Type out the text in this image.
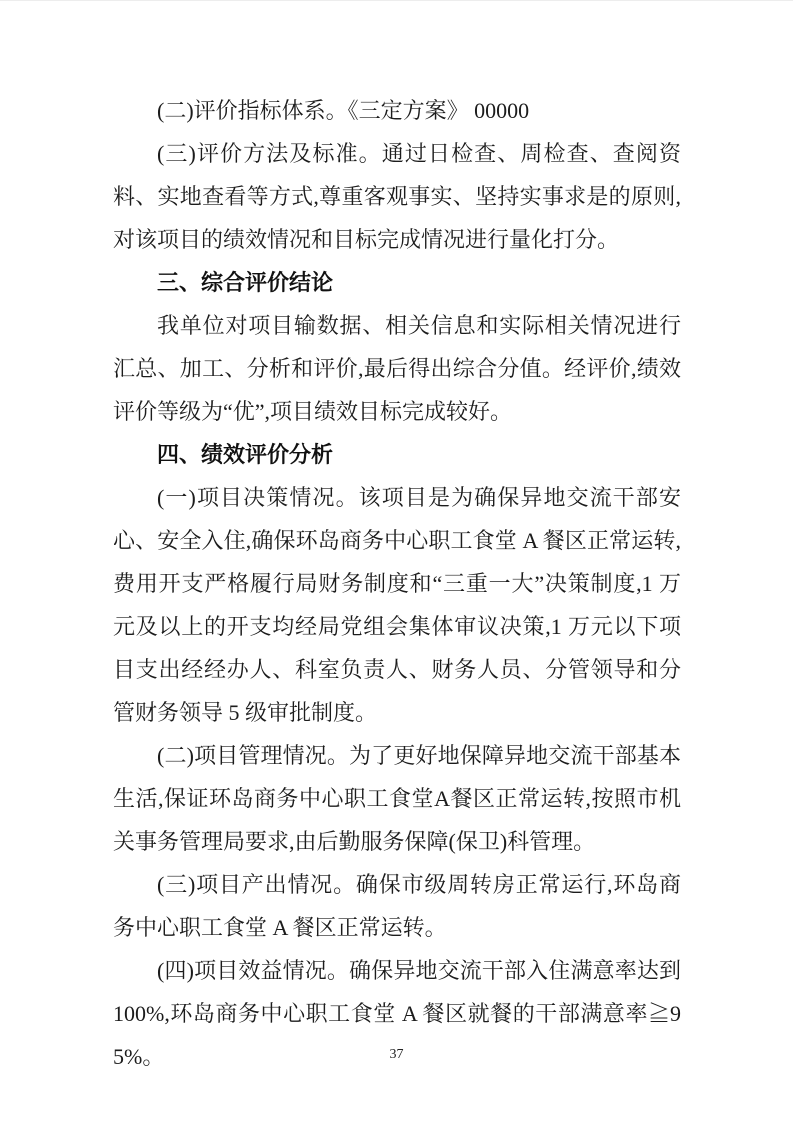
(二)评价指标体系。《三定方案》 00000

(三)评价方法及标准。通过日检查、周检查、查阅资料、实地查看等方式,尊重客观事实、坚持实事求是的原则,对该项目的绩效情况和目标完成情况进行量化打分。

三、综合评价结论

我单位对项目输数据、相关信息和实际相关情况进行汇总、加工、分析和评价,最后得出综合分值。经评价,绩效评价等级为“优”,项目绩效目标完成较好。

四、绩效评价分析

(一)项目决策情况。该项目是为确保异地交流干部安心、安全入住,确保环岛商务中心职工食堂 A 餐区正常运转,费用开支严格履行局财务制度和“三重一大”决策制度,1 万元及以上的开支均经局党组会集体审议决策,1 万元以下项目支出经经办人、科室负责人、财务人员、分管领导和分管财务领导 5 级审批制度。

(二)项目管理情况。为了更好地保障异地交流干部基本生活,保证环岛商务中心职工食堂A餐区正常运转,按照市机关事务管理局要求,由后勤服务保障(保卫)科管理。

(三)项目产出情况。确保市级周转房正常运行,环岛商务中心职工食堂 A 餐区正常运转。

(四)项目效益情况。确保异地交流干部入住满意率达到 100%,环岛商务中心职工食堂 A 餐区就餐的干部满意率≧95%。	37
